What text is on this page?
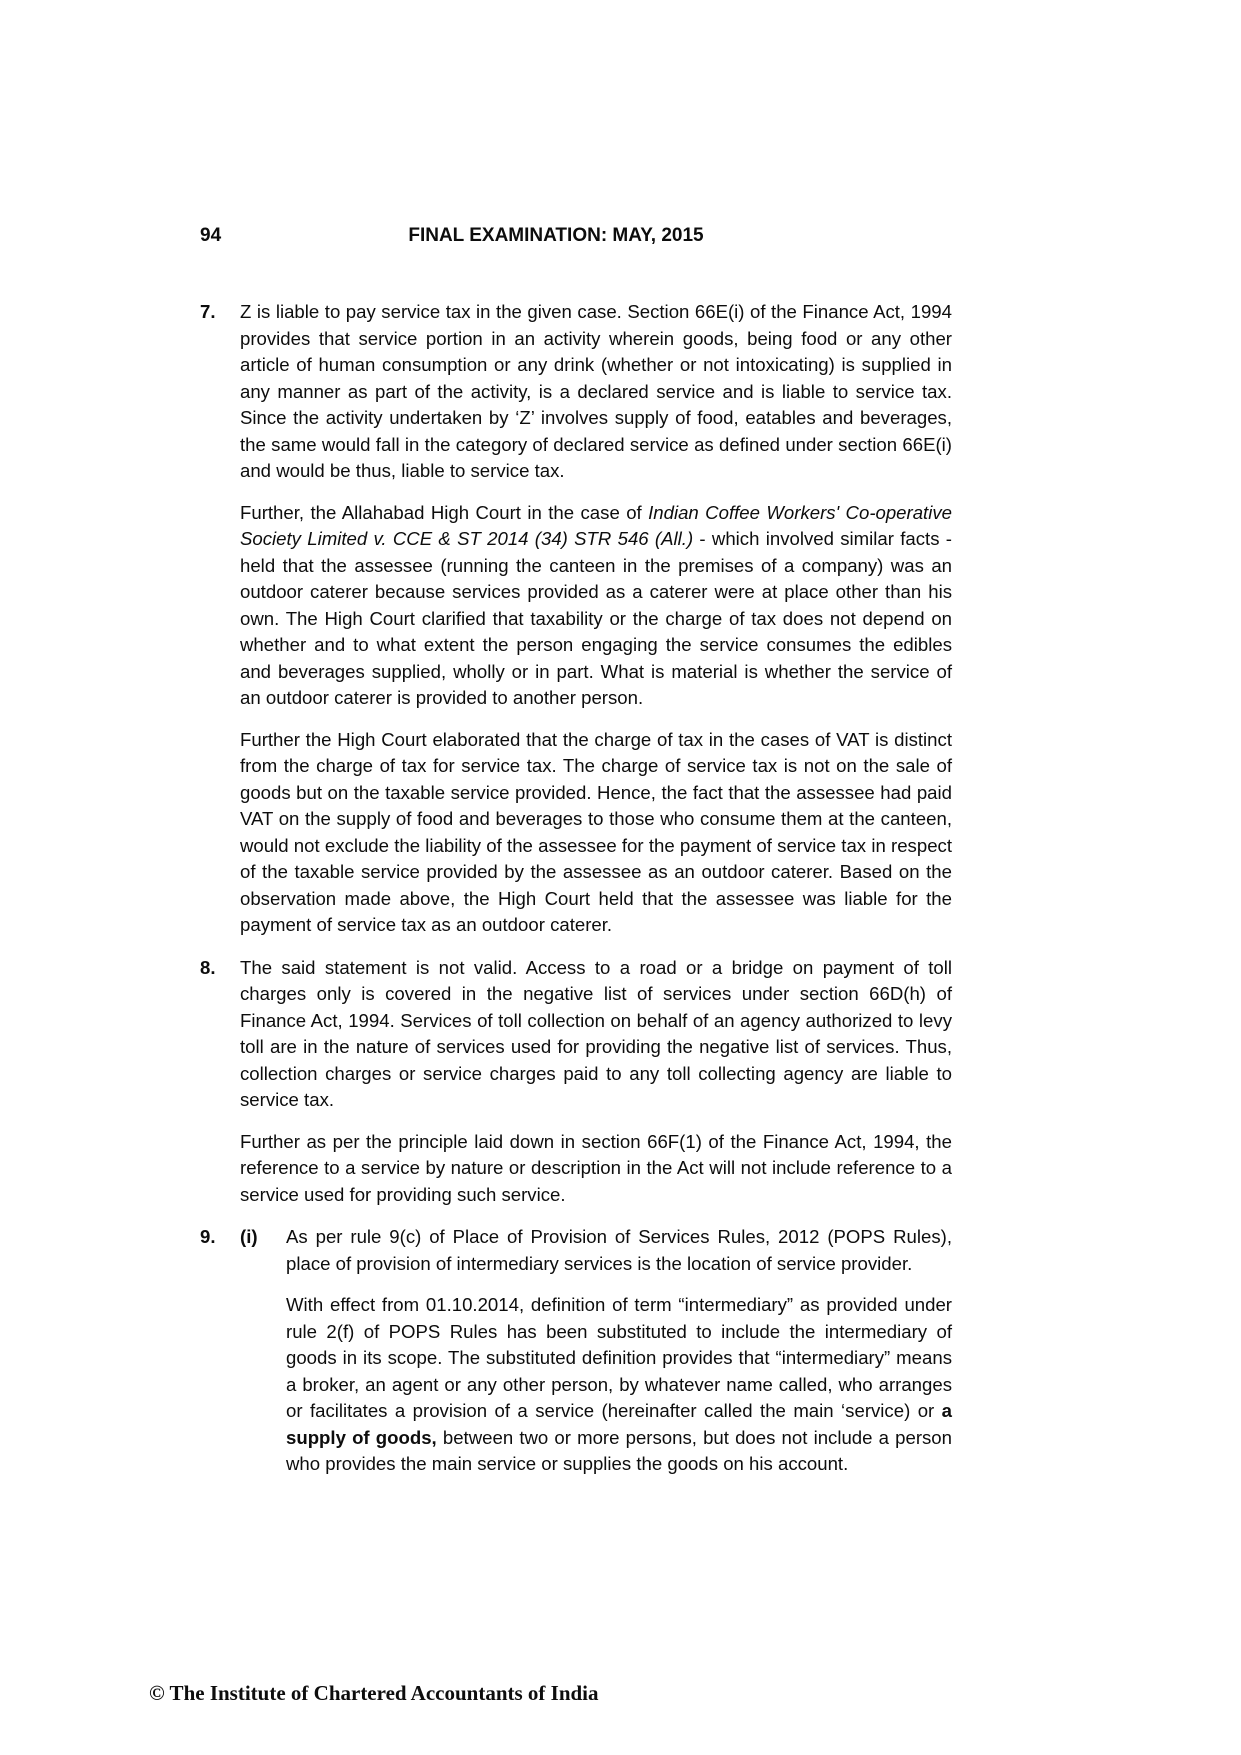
94	FINAL EXAMINATION: MAY, 2015
7.	Z is liable to pay service tax in the given case. Section 66E(i) of the Finance Act, 1994 provides that service portion in an activity wherein goods, being food or any other article of human consumption or any drink (whether or not intoxicating) is supplied in any manner as part of the activity, is a declared service and is liable to service tax. Since the activity undertaken by ‘Z’ involves supply of food, eatables and beverages, the same would fall in the category of declared service as defined under section 66E(i) and would be thus, liable to service tax.

Further, the Allahabad High Court in the case of Indian Coffee Workers' Co-operative Society Limited v. CCE & ST 2014 (34) STR 546 (All.) - which involved similar facts - held that the assessee (running the canteen in the premises of a company) was an outdoor caterer because services provided as a caterer were at place other than his own. The High Court clarified that taxability or the charge of tax does not depend on whether and to what extent the person engaging the service consumes the edibles and beverages supplied, wholly or in part. What is material is whether the service of an outdoor caterer is provided to another person.

Further the High Court elaborated that the charge of tax in the cases of VAT is distinct from the charge of tax for service tax. The charge of service tax is not on the sale of goods but on the taxable service provided. Hence, the fact that the assessee had paid VAT on the supply of food and beverages to those who consume them at the canteen, would not exclude the liability of the assessee for the payment of service tax in respect of the taxable service provided by the assessee as an outdoor caterer. Based on the observation made above, the High Court held that the assessee was liable for the payment of service tax as an outdoor caterer.

8.	The said statement is not valid. Access to a road or a bridge on payment of toll charges only is covered in the negative list of services under section 66D(h) of Finance Act, 1994. Services of toll collection on behalf of an agency authorized to levy toll are in the nature of services used for providing the negative list of services. Thus, collection charges or service charges paid to any toll collecting agency are liable to service tax.

Further as per the principle laid down in section 66F(1) of the Finance Act, 1994, the reference to a service by nature or description in the Act will not include reference to a service used for providing such service.

9.	(i)	As per rule 9(c) of Place of Provision of Services Rules, 2012 (POPS Rules), place of provision of intermediary services is the location of service provider.

With effect from 01.10.2014, definition of term “intermediary” as provided under rule 2(f) of POPS Rules has been substituted to include the intermediary of goods in its scope. The substituted definition provides that “intermediary” means a broker, an agent or any other person, by whatever name called, who arranges or facilitates a provision of a service (hereinafter called the main ‘service) or a supply of goods, between two or more persons, but does not include a person who provides the main service or supplies the goods on his account.

© The Institute of Chartered Accountants of India
